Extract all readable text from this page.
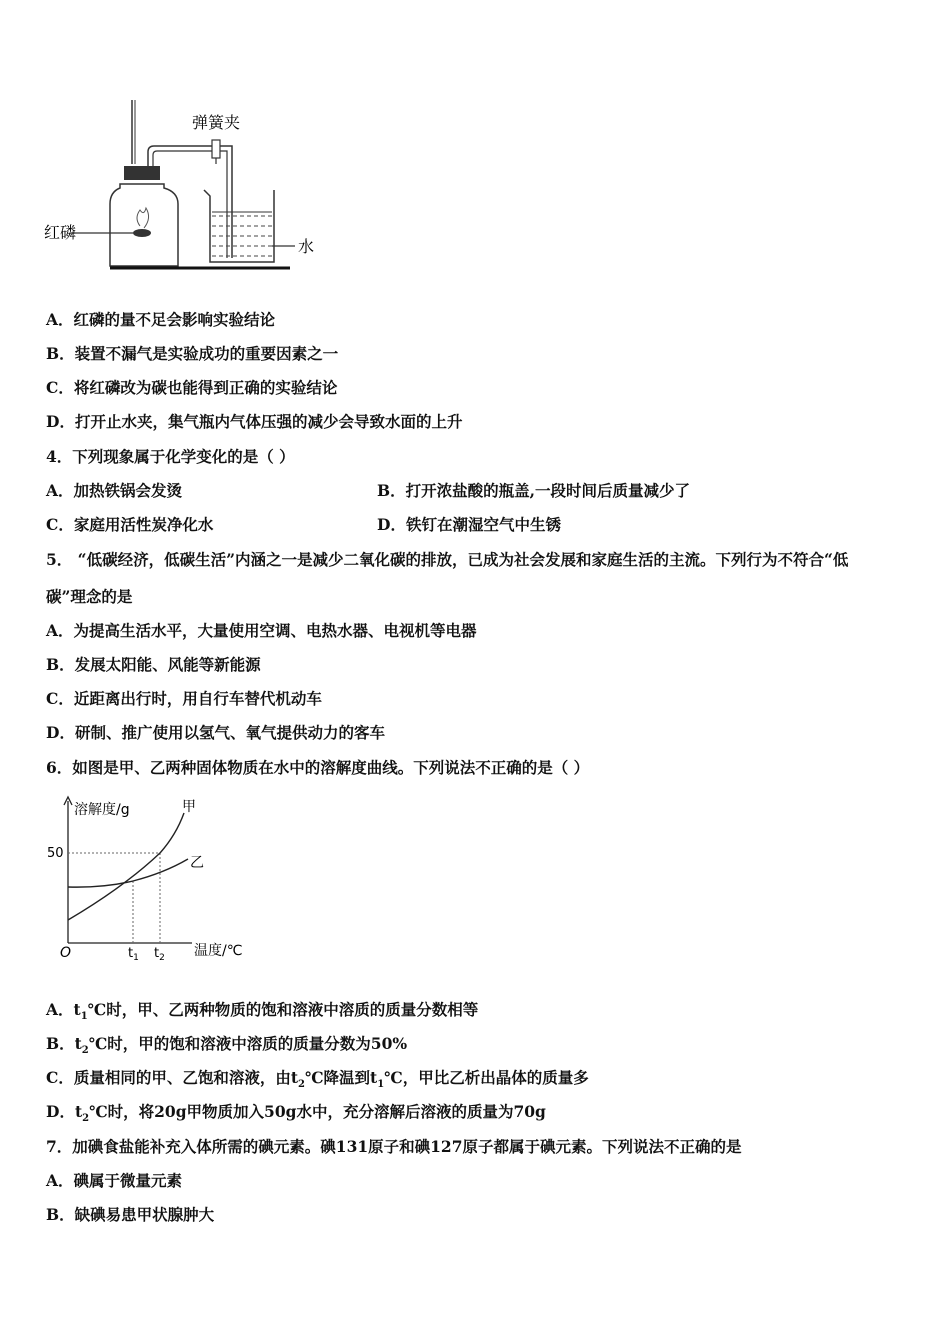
弹簧夹
红磷
水
A．红磷的量不足会影响实验结论
B．装置不漏气是实验成功的重要因素之一
C．将红磷改为碳也能得到正确的实验结论
D．打开止水夹，集气瓶内气体压强的减少会导致水面的上升
4．下列现象属于化学变化的是（ ）
A．加热铁锅会发烫	B．打开浓盐酸的瓶盖,一段时间后质量减少了
C．家庭用活性炭净化水	D．铁钉在潮湿空气中生锈
5． “低碳经济，低碳生活”内涵之一是减少二氧化碳的排放，已成为社会发展和家庭生活的主流。下列行为不符合“低
碳”理念的是
A．为提高生活水平，大量使用空调、电热水器、电视机等电器
B．发展太阳能、风能等新能源
C．近距离出行时，用自行车替代机动车
D．研制、推广使用以氢气、氧气提供动力的客车
6．如图是甲、乙两种固体物质在水中的溶解度曲线。下列说法不正确的是（ ）
溶解度/g
温度/℃
O
50
$t_1$ $t_2$
甲
乙
A．$t_1℃$时，甲、乙两种物质的饱和溶液中溶质的质量分数相等
B．$t_2℃$时，甲的饱和溶液中溶质的质量分数为50%
C．质量相同的甲、乙饱和溶液，由$t_2℃$降温到$t_1℃$，甲比乙析出晶体的质量多
D．$t_2℃$时，将20g甲物质加入50g水中，充分溶解后溶液的质量为70g
7．加碘食盐能补充入体所需的碘元素。碘131原子和碘127原子都属于碘元素。下列说法不正确的是
A．碘属于微量元素
B．缺碘易患甲状腺肿大
